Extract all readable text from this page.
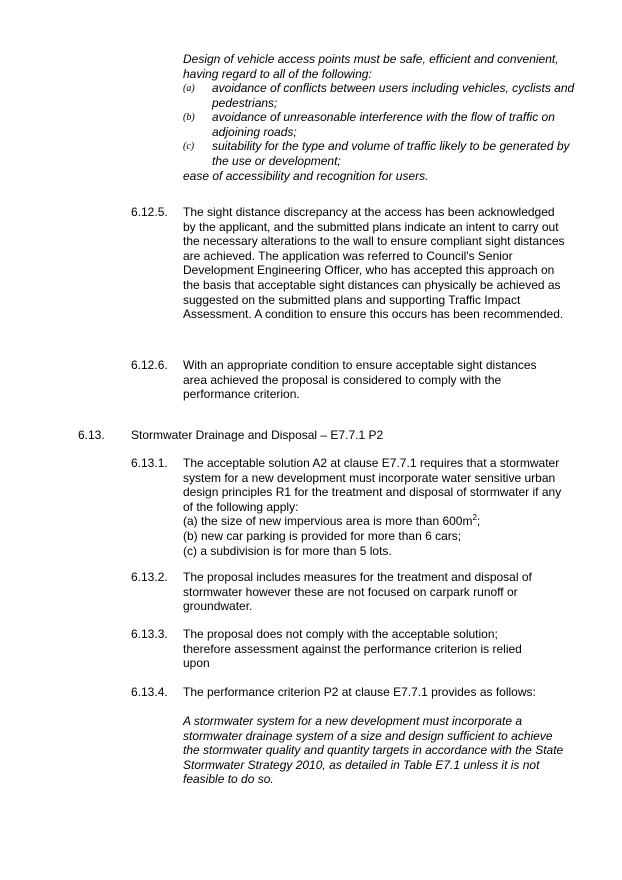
Design of vehicle access points must be safe, efficient and convenient, having regard to all of the following:

(a) avoidance of conflicts between users including vehicles, cyclists and pedestrians;
(b) avoidance of unreasonable interference with the flow of traffic on adjoining roads;
(c) suitability for the type and volume of traffic likely to be generated by the use or development;

ease of accessibility and recognition for users.

6.12.5. The sight distance discrepancy at the access has been acknowledged by the applicant, and the submitted plans indicate an intent to carry out the necessary alterations to the wall to ensure compliant sight distances are achieved. The application was referred to Council's Senior Development Engineering Officer, who has accepted this approach on the basis that acceptable sight distances can physically be achieved as suggested on the submitted plans and supporting Traffic Impact Assessment. A condition to ensure this occurs has been recommended.
6.12.6. With an appropriate condition to ensure acceptable sight distances area achieved the proposal is considered to comply with the performance criterion.
6.13. Stormwater Drainage and Disposal – E7.7.1 P2
6.13.1. The acceptable solution A2 at clause E7.7.1 requires that a stormwater system for a new development must incorporate water sensitive urban design principles R1 for the treatment and disposal of stormwater if any of the following apply:

(a) the size of new impervious area is more than $600m^2$;

(b) new car parking is provided for more than 6 cars;

(c) a subdivision is for more than 5 lots.

6.13.2. The proposal includes measures for the treatment and disposal of stormwater however these are not focused on carpark runoff or groundwater.
6.13.3. The proposal does not comply with the acceptable solution; therefore assessment against the performance criterion is relied upon
6.13.4. The performance criterion P2 at clause E7.7.1 provides as follows:
A stormwater system for a new development must incorporate a stormwater drainage system of a size and design sufficient to achieve the stormwater quality and quantity targets in accordance with the State Stormwater Strategy 2010, as detailed in Table E7.1 unless it is not feasible to do so.
